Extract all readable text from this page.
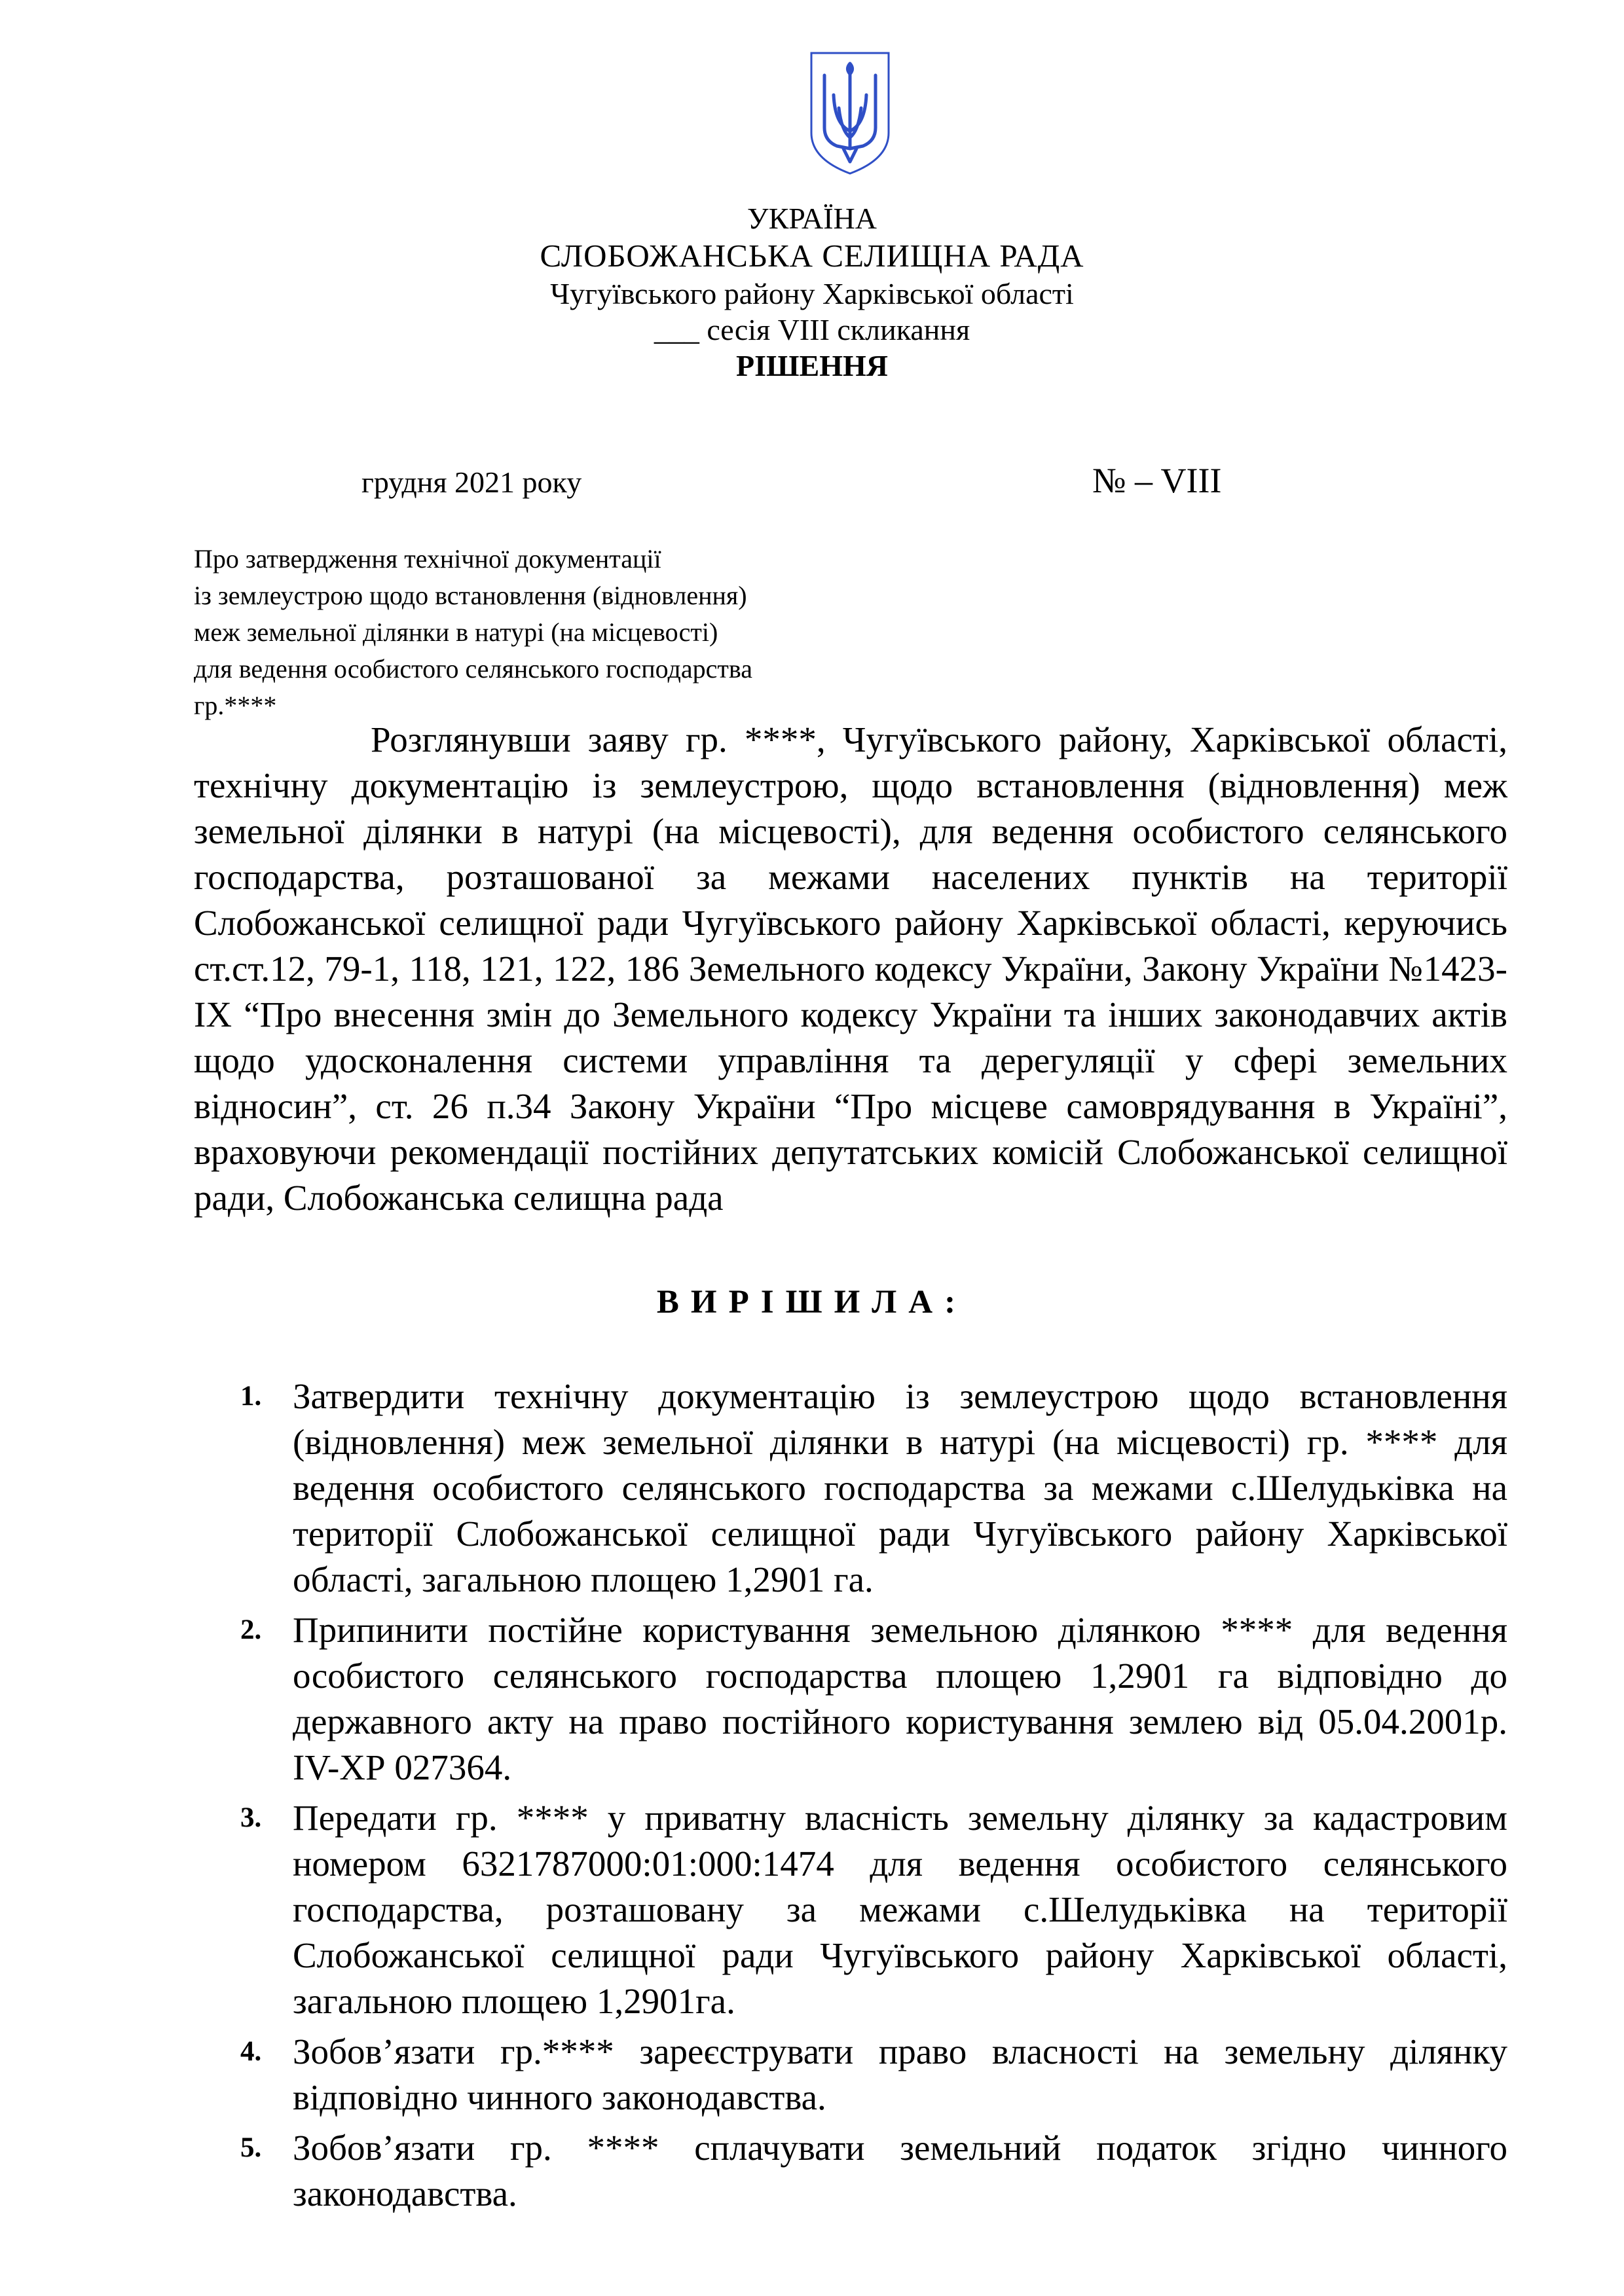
УКРАЇНА
СЛОБОЖАНСЬКА СЕЛИЩНА РАДА
Чугуївського району Харківської області
___ сесія VIII скликання
РІШЕННЯ
грудня 2021 року	№ – VIII
Про затвердження технічної документації
із землеустрою щодо встановлення (відновлення)
меж земельної ділянки в натурі (на місцевості)
для ведення особистого селянського господарства
гр.****

Розглянувши заяву гр. ****, Чугуївського району, Харківської області, технічну документацію із землеустрою, щодо встановлення (відновлення) меж земельної ділянки в натурі (на місцевості), для ведення особистого селянського господарства, розташованої за межами населених пунктів на території Слобожанської селищної ради Чугуївського району Харківської області, керуючись ст.ст.12, 79-1, 118, 121, 122, 186 Земельного кодексу України, Закону України №1423-IX “Про внесення змін до Земельного кодексу України та інших законодавчих актів щодо удосконалення системи управління та дерегуляції у сфері земельних відносин”, ст. 26 п.34 Закону України “Про місцеве самоврядування в Україні”, враховуючи рекомендації постійних депутатських комісій Слобожанської селищної ради, Слобожанська селищна рада

ВИРІШИЛА:
1. Затвердити технічну документацію із землеустрою щодо встановлення (відновлення) меж земельної ділянки в натурі (на місцевості) гр. **** для ведення особистого селянського господарства за межами с.Шелудьківка на території Слобожанської селищної ради Чугуївського району Харківської області, загальною площею 1,2901 га.
2. Припинити постійне користування земельною ділянкою **** для ведення особистого селянського господарства площею 1,2901 га відповідно до державного акту на право постійного користування землею від 05.04.2001р. IV-ХР 027364.
3. Передати гр. **** у приватну власність земельну ділянку за кадастровим номером 6321787000:01:000:1474 для ведення особистого селянського господарства, розташовану за межами с.Шелудьківка на території Слобожанської селищної ради Чугуївського району Харківської області, загальною площею 1,2901га.
4. Зобов’язати гр.**** зареєструвати право власності на земельну ділянку відповідно чинного законодавства.
5. Зобов’язати гр. **** сплачувати земельний податок згідно чинного законодавства.
